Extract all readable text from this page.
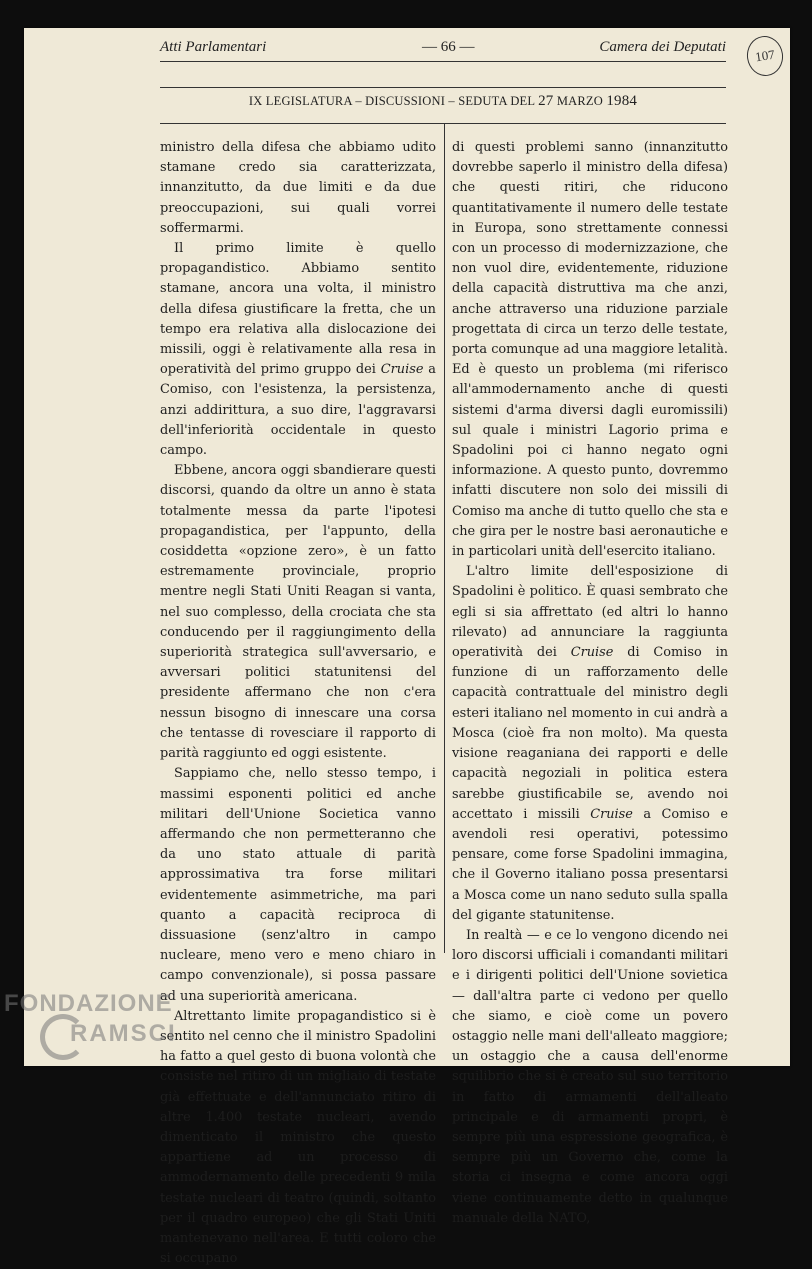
107
Atti Parlamentari	— 66 —	Camera dei Deputati
IX LEGISLATURA – DISCUSSIONI – SEDUTA DEL 27 MARZO 1984

ministro della difesa che abbiamo udito stamane credo sia caratterizzata, innanzitutto, da due limiti e da due preoccupazioni, sui quali vorrei soffermarmi.

Il primo limite è quello propagandistico. Abbiamo sentito stamane, ancora una volta, il ministro della difesa giustificare la fretta, che un tempo era relativa alla dislocazione dei missili, oggi è relativamente alla resa in operatività del primo gruppo dei Cruise a Comiso, con l'esistenza, la persistenza, anzi addirittura, a suo dire, l'aggravarsi dell'inferiorità occidentale in questo campo.

Ebbene, ancora oggi sbandierare questi discorsi, quando da oltre un anno è stata totalmente messa da parte l'ipotesi propagandistica, per l'appunto, della cosiddetta «opzione zero», è un fatto estremamente provinciale, proprio mentre negli Stati Uniti Reagan si vanta, nel suo complesso, della crociata che sta conducendo per il raggiungimento della superiorità strategica sull'avversario, e avversari politici statunitensi del presidente affermano che non c'era nessun bisogno di innescare una corsa che tentasse di rovesciare il rapporto di parità raggiunto ed oggi esistente.

Sappiamo che, nello stesso tempo, i massimi esponenti politici ed anche militari dell'Unione Societica vanno affermando che non permetteranno che da uno stato attuale di parità approssimativa tra forse militari evidentemente asimmetriche, ma pari quanto a capacità reciproca di dissuasione (senz'altro in campo nucleare, meno vero e meno chiaro in campo convenzionale), si possa passare ad una superiorità americana.

Altrettanto limite propagandistico si è sentito nel cenno che il ministro Spadolini ha fatto a quel gesto di buona volontà che consiste nel ritiro di un migliaio di testate già effettuate e dell'annunciato ritiro di altre 1.400 testate nucleari, avendo dimenticato il ministro che questo appartiene ad un processo di ammodernamento delle precedenti 9 mila testate nucleari di teatro (quindi, soltanto per il quadro europeo) che gli Stati Uniti mantenevano nell'area. E tutti coloro che si occupano

di questi problemi sanno (innanzitutto dovrebbe saperlo il ministro della difesa) che questi ritiri, che riducono quantitativamente il numero delle testate in Europa, sono strettamente connessi con un processo di modernizzazione, che non vuol dire, evidentemente, riduzione della capacità distruttiva ma che anzi, anche attraverso una riduzione parziale progettata di circa un terzo delle testate, porta comunque ad una maggiore letalità. Ed è questo un problema (mi riferisco all'ammodernamento anche di questi sistemi d'arma diversi dagli euromissili) sul quale i ministri Lagorio prima e Spadolini poi ci hanno negato ogni informazione. A questo punto, dovremmo infatti discutere non solo dei missili di Comiso ma anche di tutto quello che sta e che gira per le nostre basi aeronautiche e in particolari unità dell'esercito italiano.

L'altro limite dell'esposizione di Spadolini è politico. È quasi sembrato che egli si sia affrettato (ed altri lo hanno rilevato) ad annunciare la raggiunta operatività dei Cruise di Comiso in funzione di un rafforzamento delle capacità contrattuale del ministro degli esteri italiano nel momento in cui andrà a Mosca (cioè fra non molto). Ma questa visione reaganiana dei rapporti e delle capacità negoziali in politica estera sarebbe giustificabile se, avendo noi accettato i missili Cruise a Comiso e avendoli resi operativi, potessimo pensare, come forse Spadolini immagina, che il Governo italiano possa presentarsi a Mosca come un nano seduto sulla spalla del gigante statunitense.

In realtà — e ce lo vengono dicendo nei loro discorsi ufficiali i comandanti militari e i dirigenti politici dell'Unione sovietica — dall'altra parte ci vedono per quello che siamo, e cioè come un povero ostaggio nelle mani dell'alleato maggiore; un ostaggio che a causa dell'enorme squilibrio che si è creato sul suo territorio in fatto di armamenti dell'alleato principale e di armamenti propri, è sempre più una espressione geografica, è sempre più un Governo che, come la storia ci insegna e come ancora oggi viene continuamente detto in qualunque manuale della NATO,

FONDAZIONE
RAMSCI
